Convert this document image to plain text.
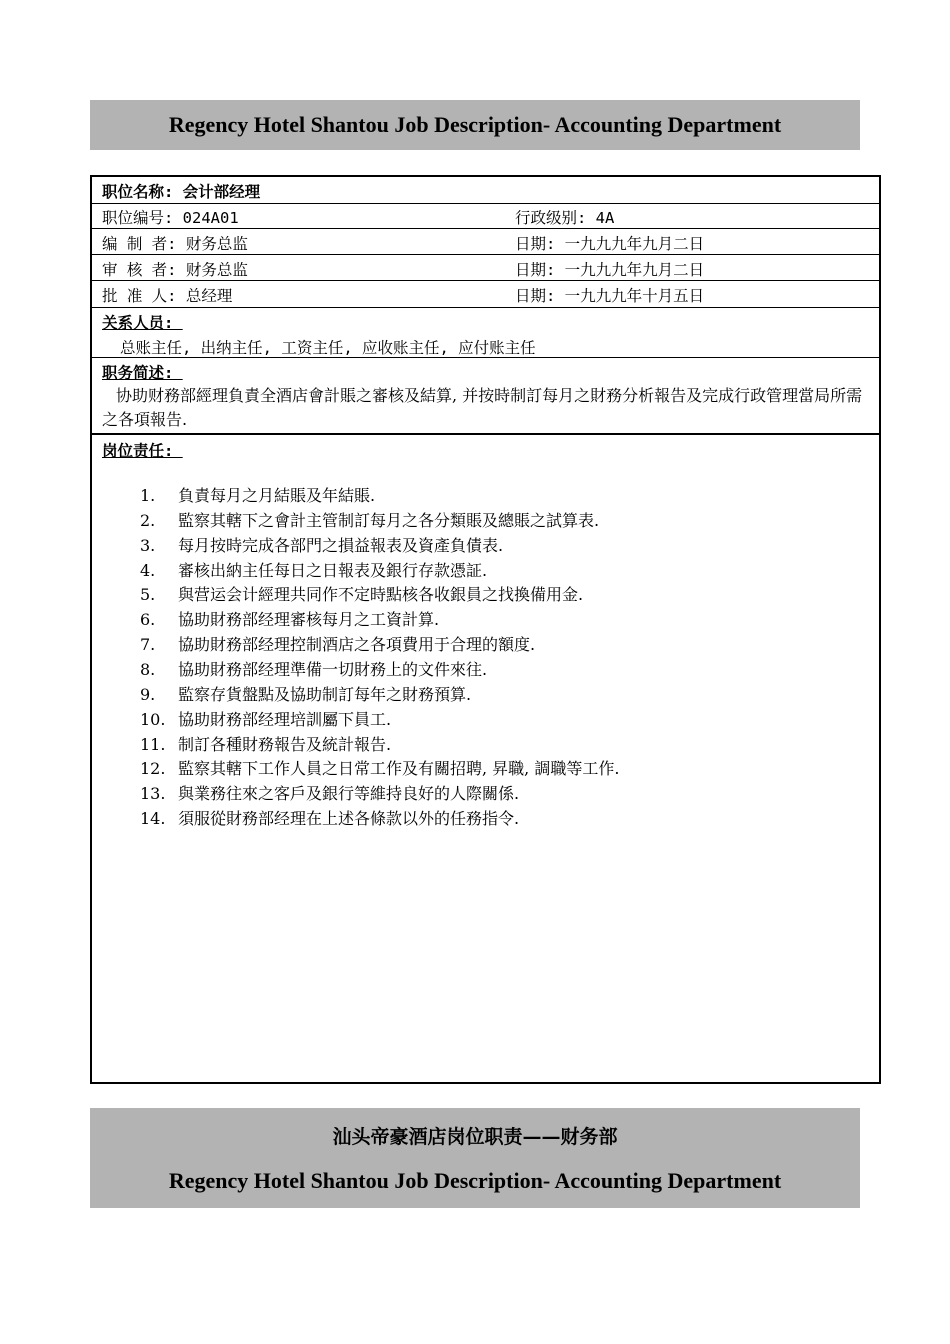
Regency Hotel Shantou Job Description- Accounting Department
职位名称: 会计部经理
职位编号: 024A01	行政级别: 4A
编 制 者: 财务总监	日期: 一九九九年九月二日
审 核 者: 财务总监	日期: 一九九九年九月二日
批 准 人: 总经理	日期: 一九九九年十月五日
关系人员:
总账主任, 出纳主任, 工资主任, 应收账主任, 应付账主任
职务简述:
协助财務部經理負責全酒店會計賬之審核及結算, 并按時制訂每月之財務分析報告及完成行政管理當局所需之各項報告.
岗位责任:
1. 負責每月之月結賬及年結賬.
2. 監察其轄下之會計主管制訂每月之各分類賬及總賬之試算表.
3. 每月按時完成各部門之損益報表及資產負債表.
4. 審核出納主任每日之日報表及銀行存款憑証.
5. 與营运会计經理共同作不定時點核各收銀員之找換備用金.
6. 協助財務部经理審核每月之工資計算.
7. 協助財務部经理控制酒店之各項費用于合理的額度.
8. 協助財務部经理準備一切財務上的文件來往.
9. 監察存貨盤點及協助制訂每年之財務預算.
10. 協助財務部经理培訓屬下員工.
11. 制訂各種財務報告及統計報告.
12. 監察其轄下工作人員之日常工作及有關招聘, 昇職, 調職等工作.
13. 與業務往來之客戶及銀行等維持良好的人際關係.
14. 須服從財務部经理在上述各條款以外的任務指令.
汕头帝豪酒店岗位职责——财务部
Regency Hotel Shantou Job Description- Accounting Department
